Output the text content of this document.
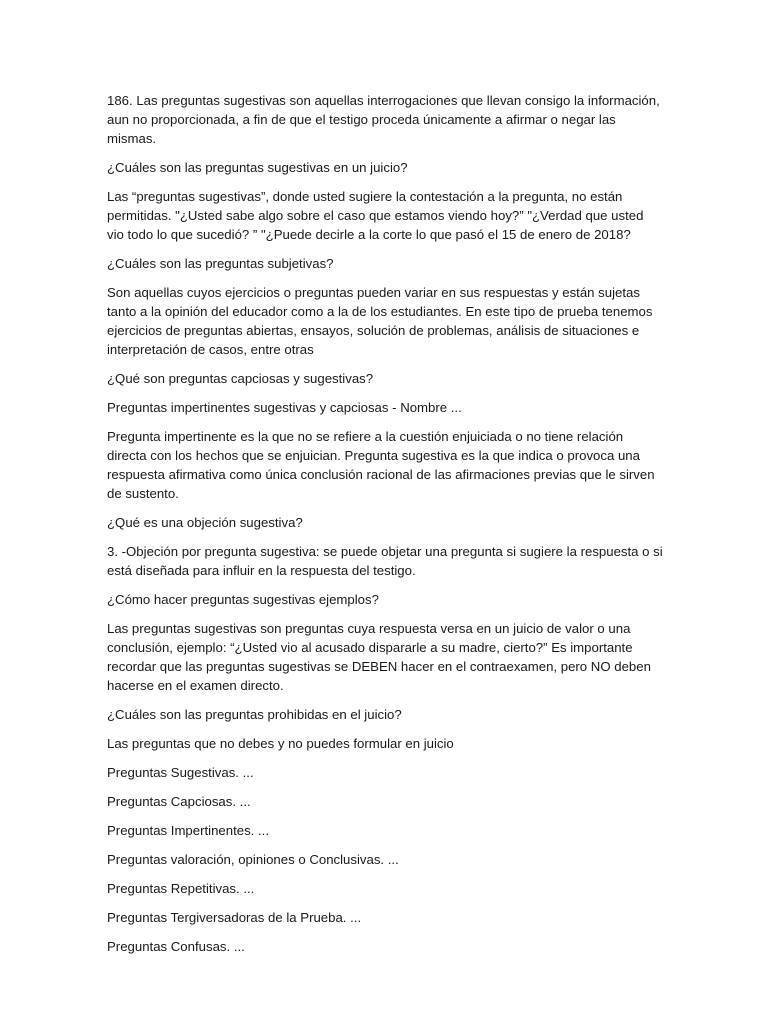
186. Las preguntas sugestivas son aquellas interrogaciones que llevan consigo la información, aun no proporcionada, a fin de que el testigo proceda únicamente a afirmar o negar las mismas.

¿Cuáles son las preguntas sugestivas en un juicio?

Las “preguntas sugestivas”, donde usted sugiere la contestación a la pregunta, no están permitidas. "¿Usted sabe algo sobre el caso que estamos viendo hoy?” "¿Verdad que usted vio todo lo que sucedió? ” "¿Puede decirle a la corte lo que pasó el 15 de enero de 2018?

¿Cuáles son las preguntas subjetivas?

Son aquellas cuyos ejercicios o preguntas pueden variar en sus respuestas y están sujetas tanto a la opinión del educador como a la de los estudiantes. En este tipo de prueba tenemos ejercicios de preguntas abiertas, ensayos, solución de problemas, análisis de situaciones e interpretación de casos, entre otras

¿Qué son preguntas capciosas y sugestivas?

Preguntas impertinentes sugestivas y capciosas - Nombre ...

Pregunta impertinente es la que no se refiere a la cuestión enjuiciada o no tiene relación directa con los hechos que se enjuician. Pregunta sugestiva es la que indica o provoca una respuesta afirmativa como única conclusión racional de las afirmaciones previas que le sirven de sustento.

¿Qué es una objeción sugestiva?

3. -Objeción por pregunta sugestiva: se puede objetar una pregunta si sugiere la respuesta o si está diseñada para influir en la respuesta del testigo.

¿Cómo hacer preguntas sugestivas ejemplos?

Las preguntas sugestivas son preguntas cuya respuesta versa en un juicio de valor o una conclusión, ejemplo: “¿Usted vio al acusado dispararle a su madre, cierto?” Es importante recordar que las preguntas sugestivas se DEBEN hacer en el contraexamen, pero NO deben hacerse en el examen directo.

¿Cuáles son las preguntas prohibidas en el juicio?

Las preguntas que no debes y no puedes formular en juicio

Preguntas Sugestivas. ...

Preguntas Capciosas. ...

Preguntas Impertinentes. ...

Preguntas valoración, opiniones o Conclusivas. ...

Preguntas Repetitivas. ...

Preguntas Tergiversadoras de la Prueba. ...

Preguntas Confusas. ...
